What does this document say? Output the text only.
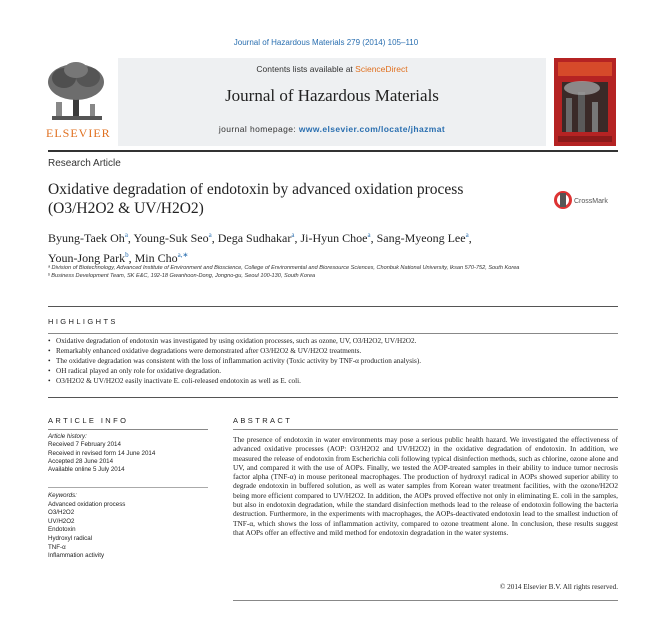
Journal of Hazardous Materials 279 (2014) 105–110
ELSEVIER
Contents lists available at ScienceDirect
Journal of Hazardous Materials
journal homepage: www.elsevier.com/locate/jhazmat
Research Article
Oxidative degradation of endotoxin by advanced oxidation process
(O3/H2O2 & UV/H2O2)	CrossMark
Byung-Taek Oh$^a$, Young-Suk Seo$^a$, Dega Sudhakar$^a$, Ji-Hyun Choe$^a$, Sang-Myeong Lee$^a$,
Youn-Jong Park$^b$, Min Cho$^{a,∗}$
ᵃ Division of Biotechnology, Advanced Institute of Environment and Bioscience, College of Environmental and Bioresource Sciences, Chonbuk National University, Iksan 570-752, South Korea
ᵇ Business Development Team, SK E&C, 192-18 Gwanhoon-Dong, Jongno-gu, Seoul 100-130, South Korea
HIGHLIGHTS
• Oxidative degradation of endotoxin was investigated by using oxidation processes, such as ozone, UV, O3/H2O2, UV/H2O2.
• Remarkably enhanced oxidative degradations were demonstrated after O3/H2O2 & UV/H2O2 treatments.
• The oxidative degradation was consistent with the loss of inflammation activity (Toxic activity by TNF-α production analysis).
• OH radical played an only role for oxidative degradation.
• O3/H2O2 & UV/H2O2 easily inactivate E. coli-released endotoxin as well as E. coli.
ARTICLE INFO	ABSTRACT
Article history:
Received 7 February 2014
Received in revised form 14 June 2014
Accepted 28 June 2014
Available online 5 July 2014
Keywords:
Advanced oxidation process
O3/H2O2
UV/H2O2
Endotoxin
Hydroxyl radical
TNF-α
Inflammation activity
The presence of endotoxin in water environments may pose a serious public health hazard. We investigated the effectiveness of advanced oxidative processes (AOP: O3/H2O2 and UV/H2O2) in the oxidative degradation of endotoxin. In addition, we measured the release of endotoxin from Escherichia coli following typical disinfection methods, such as chlorine, ozone alone and UV, and compared it with the use of AOPs. Finally, we tested the AOP-treated samples in their ability to induce tumor necrosis factor alpha (TNF-α) in mouse peritoneal macrophages. The production of hydroxyl radical in AOPs showed superior ability to degrade endotoxin in buffered solution, as well as water samples from Korean water treatment facilities, with the ozone/H2O2 being more efficient compared to UV/H2O2. In addition, the AOPs proved effective not only in eliminating E. coli in the samples, but also in endotoxin degradation, while the standard disinfection methods lead to the release of endotoxin following the bacteria destruction. Furthermore, in the experiments with macrophages, the AOPs-deactivated endotoxin lead to the smallest induction of TNF-α, which shows the loss of inflammation activity, compared to ozone treatment alone. In conclusion, these results suggest that AOPs offer an effective and mild method for endotoxin degradation in the water systems.
© 2014 Elsevier B.V. All rights reserved.
